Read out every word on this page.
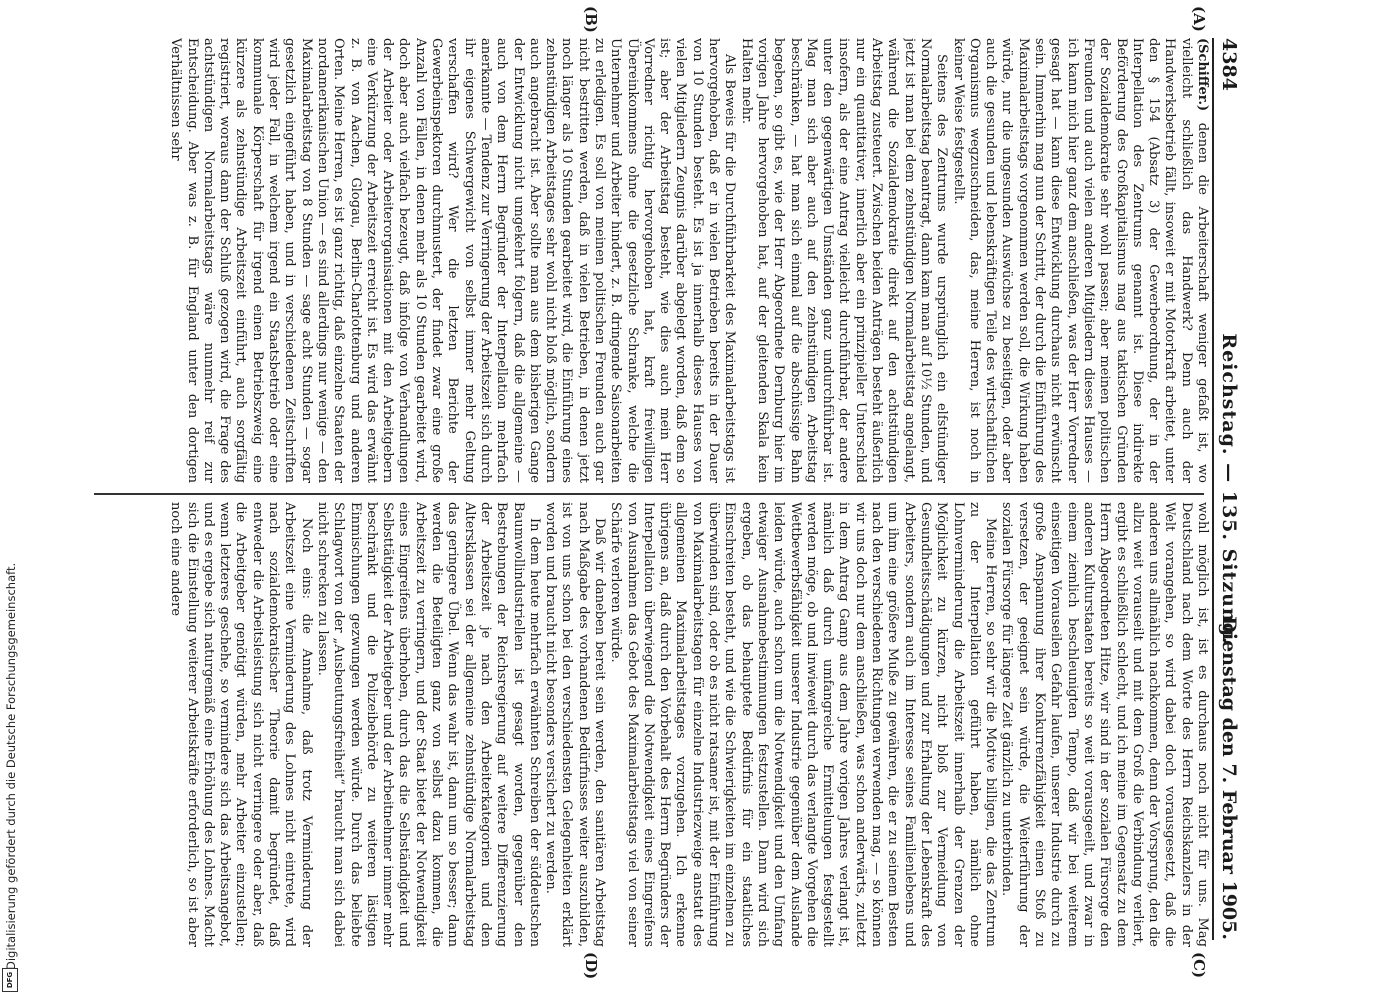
4384
Reichstag. — 135. Sitzung.
Dienstag den 7. Februar 1905.
(A)
(B)
(C)
(D)

(Schiffer.) denen die Arbeiterschaft weniger gefaßt ist, wo vielleicht schließlich das Handwerk? Denn auch der Handwerksbetrieb fällt, insoweit er mit Motorkraft arbeitet, unter den § 154 (Absatz 3) der Gewerbeordnung, der in der Interpellation des Zentrums genannt ist. Diese indirekte Beförderung des Großkapitalismus mag aus taktischen Gründen der Sozialdemokratie sehr wohl passen; aber meinen politischen Freunden und auch vielen anderen Mitgliedern dieses Hauses — ich kann mich hier ganz dem anschließen, was der Herr Vorredner gesagt hat — kann diese Entwicklung durchaus nicht erwünscht sein. Immerhin mag nun der Schritt, der durch die Einführung des Maximalarbeitstags vorgenommen werden soll, die Wirkung haben würde, nur die ungesunden Auswüchse zu beseitigen, oder aber auch die gesunden und lebenskräftigen Teile des wirtschaftlichen Organismus wegzuschneiden, das, meine Herren, ist noch in keiner Weise festgestellt.

Seitens des Zentrums wurde ursprünglich ein elfstündiger Normalarbeitstag beantragt, dann kam man auf 10½ Stunden, und jetzt ist man bei dem zehnstündigen Normalarbeitstag angelangt, während die Sozialdemokratie direkt auf den achtstündigen Arbeitstag zusteuert. Zwischen beiden Anträgen besteht äußerlich nur ein quantitativer, innerlich aber ein prinzipieller Unterschied insofern, als der eine Antrag vielleicht durchführbar, der andere unter den gegenwärtigen Umständen ganz undurchführbar ist. Mag man sich aber auch auf den zehnstündigen Arbeitstag beschränken, — hat man sich einmal auf die abschüssige Bahn begeben, so gibt es, wie der Herr Abgeordnete Dernburg hier im vorigen Jahre hervorgehoben hat, auf der gleitenden Skala kein Halten mehr.

Als Beweis für die Durchführbarkeit des Maximalarbeitstags ist hervorgehoben, daß er in vielen Betrieben bereits in der Dauer von 10 Stunden besteht. Es ist ja innerhalb dieses Hauses von vielen Mitgliedern Zeugnis darüber abgelegt worden, daß dem so ist; aber der Arbeitstag besteht, wie dies auch mein Herr Vorredner richtig hervorgehoben hat, kraft freiwilligen Übereinkommens ohne die gesetzliche Schranke, welche die Unternehmer und Arbeiter hindert, z. B. dringende Saisonarbeiten zu erledigen. Es soll von meinen politischen Freunden auch gar nicht bestritten werden, daß in vielen Betrieben, in denen jetzt noch länger als 10 Stunden gearbeitet wird, die Einführung eines zehnstündigen Arbeitstages sehr wohl nicht bloß möglich, sondern auch angebracht ist. Aber sollte man aus dem bisherigen Gange der Entwicklung nicht umgekehrt folgern, daß die allgemeine — auch von dem Herrn Begründer der Interpellation mehrfach anerkannte — Tendenz zur Verringerung der Arbeitszeit sich durch ihr eigenes Schwergewicht von selbst immer mehr Geltung verschaffen wird? Wer die letzten Berichte der Gewerbeinspektoren durchmustert, der findet zwar eine große Anzahl von Fällen, in denen mehr als 10 Stunden gearbeitet wird, doch aber auch vielfach bezeugt, daß infolge von Verhandlungen der Arbeiter oder Arbeiterorganisationen mit den Arbeitgebern eine Verkürzung der Arbeitszeit erreicht ist. Es wird das erwähnt z. B. von Aachen, Glogau, Berlin-Charlottenburg und anderen Orten. Meine Herren, es ist ganz richtig, daß einzelne Staaten der nordamerikanischen Union — es sind allerdings nur wenige — den Maximalarbeitstag von 8 Stunden — sage acht Stunden — sogar gesetzlich eingeführt haben, und in verschiedenen Zeitschriften wird jeder Fall, in welchem irgend ein Staatsbetrieb oder eine kommunale Körperschaft für irgend einen Betriebszweig eine kürzere als zehnstündige Arbeitszeit einführt, auch sorgfältig registriert, woraus dann der Schluß gezogen wird, die Frage des achtstündigen Normalarbeitstags wäre nunmehr reif zur Entscheidung. Aber was z. B. für England unter den dortigen Verhältnissen sehr

wohl möglich ist, ist es durchaus noch nicht für uns. Mag Deutschland nach dem Worte des Herrn Reichskanzlers in der Welt vorangehen, so wird dabei doch vorausgesetzt, daß die anderen uns allmählich nachkommen, denn der Vorsprung, den die allzu weit vorauseilt und mit dem Groß die Verbindung verliert, ergibt es schließlich schlecht, und ich meine im Gegensatz zu dem Herrn Abgeordneten Hitze, wir sind in der sozialen Fürsorge den anderen Kulturstaaten bereits so weit vorausgeeilt, und zwar in einem ziemlich beschleunigten Tempo, daß wir bei weiterem einseitigen Vorauseilen Gefahr laufen, unserer Industrie durch zu große Anspannung ihrer Konkurrenzfähigkeit einen Stoß zu versetzen, der geeignet sein würde, die Weiterführung der sozialen Fürsorge für längere Zeit gänzlich zu unterbinden.

Meine Herren, so sehr wir die Motive billigen, die das Zentrum zu der Interpellation geführt haben, nämlich ohne Lohnverminderung die Arbeitszeit innerhalb der Grenzen der Möglichkeit zu kürzen, nicht bloß zur Vermeidung von Gesundheitsschädigungen und zur Erhaltung der Lebenskraft des Arbeiters, sondern auch im Interesse seines Familienlebens und um ihm eine größere Muße zu gewähren, die er zu seinem Besten nach den verschiedenen Richtungen verwenden mag, — so können wir uns doch nur dem anschließen, was schon anderwärts, zuletzt in dem Antrag Gamp aus dem Jahre vorigen Jahres verlangt ist, nämlich daß durch umfangreiche Ermittelungen festgestellt werden möge, ob und inwieweit durch das verlangte Vorgehen die Wettbewerbsfähigkeit unserer Industrie gegenüber dem Auslande leiden würde, auch schon um die Notwendigkeit und den Umfang etwaiger Ausnahmebestimmungen festzustellen. Dann wird sich ergeben, ob das behauptete Bedürfnis für ein staatliches Einschreiten besteht, und wie die Schwierigkeiten im einzelnen zu überwinden sind, oder ob es nicht ratsamer ist, mit der Einführung von Maximalarbeitstagen für einzelne Industriezweige anstatt des allgemeinen Maximalarbeitstages vorzugehen. Ich erkenne übrigens an, daß durch den Vorbehalt des Herrn Begründers der Interpellation überwiegend die Notwendigkeit eines Eingreifens von Ausnahmen das Gebot des Maximalarbeitstags viel von seiner Schärfe verloren würde.

Daß wir daneben bereit sein werden, den sanitären Arbeitstag nach Maßgabe des vorhandenen Bedürfnisses weiter auszubilden, ist von uns schon bei den verschiedensten Gelegenheiten erklärt worden und braucht nicht besonders versichert zu werden.

In dem heute mehrfach erwähnten Schreiben der süddeutschen Baumwollindustriellen ist gesagt worden, gegenüber den Bestrebungen der Reichsregierung auf weitere Differenzierung der Arbeitszeit je nach den Arbeiterkategorien und den Altersklassen sei der allgemeine zehnstündige Normalarbeitstag das geringere Übel. Wenn das wahr ist, dann um so besser; dann werden die Beteiligten ganz von selbst dazu kommen, die Arbeitszeit zu verringern, und der Staat bietet der Notwendigkeit eines Eingreifens überhoben, durch das die Selbständigkeit und Selbsttätigkeit der Arbeitgeber und der Arbeitnehmer immer mehr beschränkt und die Polizeibehörde zu weiteren lästigen Einmischungen gezwungen werden würde. Durch das beliebte Schlagwort von der „Ausbeutungsfreiheit“ braucht man sich dabei nicht schrecken zu lassen.

Noch eins: die Annahme, daß trotz Verminderung der Arbeitszeit eine Verminderung des Lohnes nicht eintrete, wird nach sozialdemokratischer Theorie damit begründet, daß entweder die Arbeitsleistung sich nicht verringere oder aber, daß die Arbeitgeber genötigt würden, mehr Arbeiter einzustellen; wenn letzteres geschehe, so vermindere sich das Arbeitsangebot, und es ergebe sich naturgemäß eine Erhöhung des Lohnes. Macht sich die Einstellung weiterer Arbeitskräfte erforderlich, so ist aber noch eine andere

Digitalisierung gefördert durch die Deutsche Forschungsgemeinschaft.
DFG
